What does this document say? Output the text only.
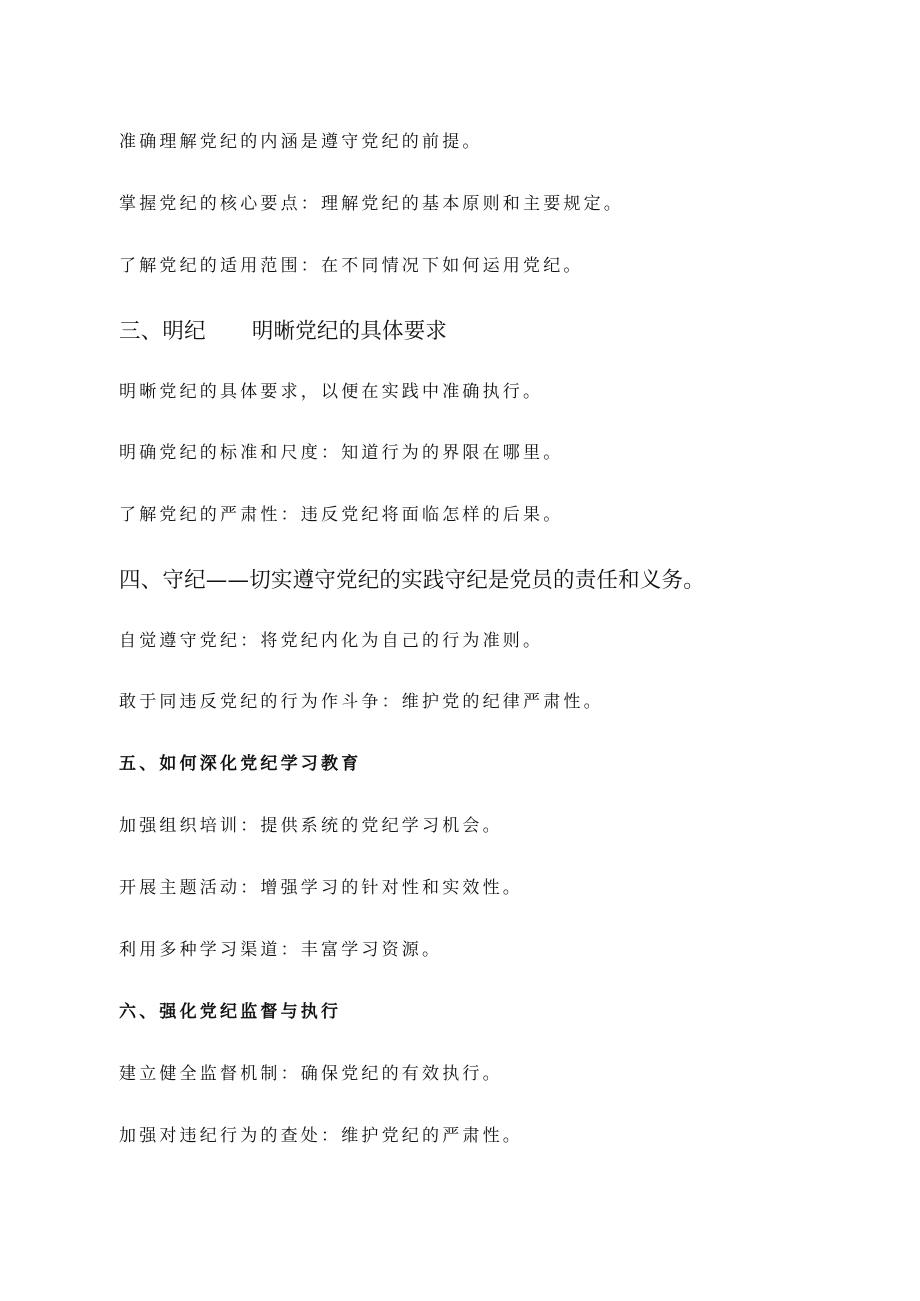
准确理解党纪的内涵是遵守党纪的前提。

掌握党纪的核心要点：理解党纪的基本原则和主要规定。

了解党纪的适用范围：在不同情况下如何运用党纪。

三、明纪 明晰党纪的具体要求

明晰党纪的具体要求，以便在实践中准确执行。

明确党纪的标准和尺度：知道行为的界限在哪里。

了解党纪的严肃性：违反党纪将面临怎样的后果。

四、守纪——切实遵守党纪的实践守纪是党员的责任和义务。

自觉遵守党纪：将党纪内化为自己的行为准则。

敢于同违反党纪的行为作斗争：维护党的纪律严肃性。

五、如何深化党纪学习教育

加强组织培训：提供系统的党纪学习机会。

开展主题活动：增强学习的针对性和实效性。

利用多种学习渠道：丰富学习资源。

六、强化党纪监督与执行

建立健全监督机制：确保党纪的有效执行。

加强对违纪行为的查处：维护党纪的严肃性。
